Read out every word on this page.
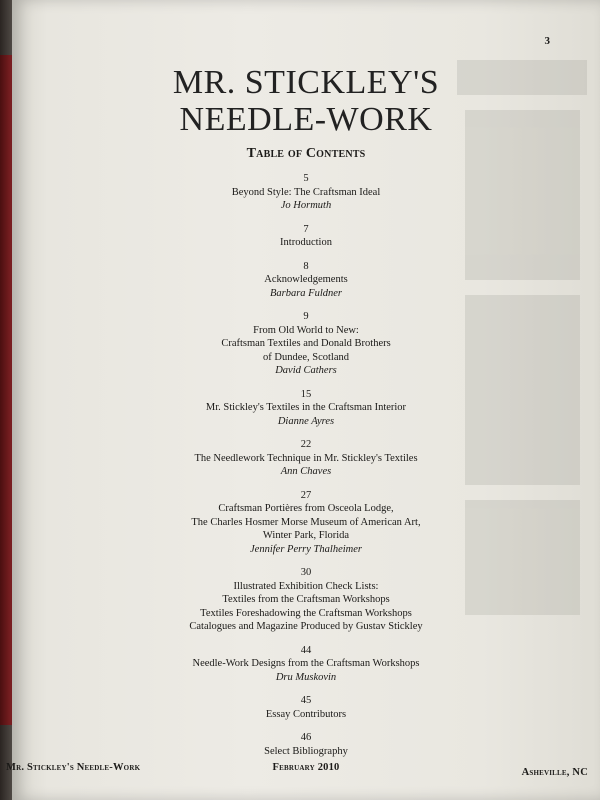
3
MR. STICKLEY'S
NEEDLE-WORK
Table of Contents
5
Beyond Style: The Craftsman Ideal
Jo Hormuth
7
Introduction
8
Acknowledgements
Barbara Fuldner
9
From Old World to New:
Craftsman Textiles and Donald Brothers
of Dundee, Scotland
David Cathers
15
Mr. Stickley's Textiles in the Craftsman Interior
Dianne Ayres
22
The Needlework Technique in Mr. Stickley's Textiles
Ann Chaves
27
Craftsman Portières from Osceola Lodge,
The Charles Hosmer Morse Museum of American Art,
Winter Park, Florida
Jennifer Perry Thalheimer
30
Illustrated Exhibition Check Lists:
Textiles from the Craftsman Workshops
Textiles Foreshadowing the Craftsman Workshops
Catalogues and Magazine Produced by Gustav Stickley
44
Needle-Work Designs from the Craftsman Workshops
Dru Muskovin
45
Essay Contributors
46
Select Bibliography
Mr. Stickley's Needle-Work	February 2010	Asheville, NC
